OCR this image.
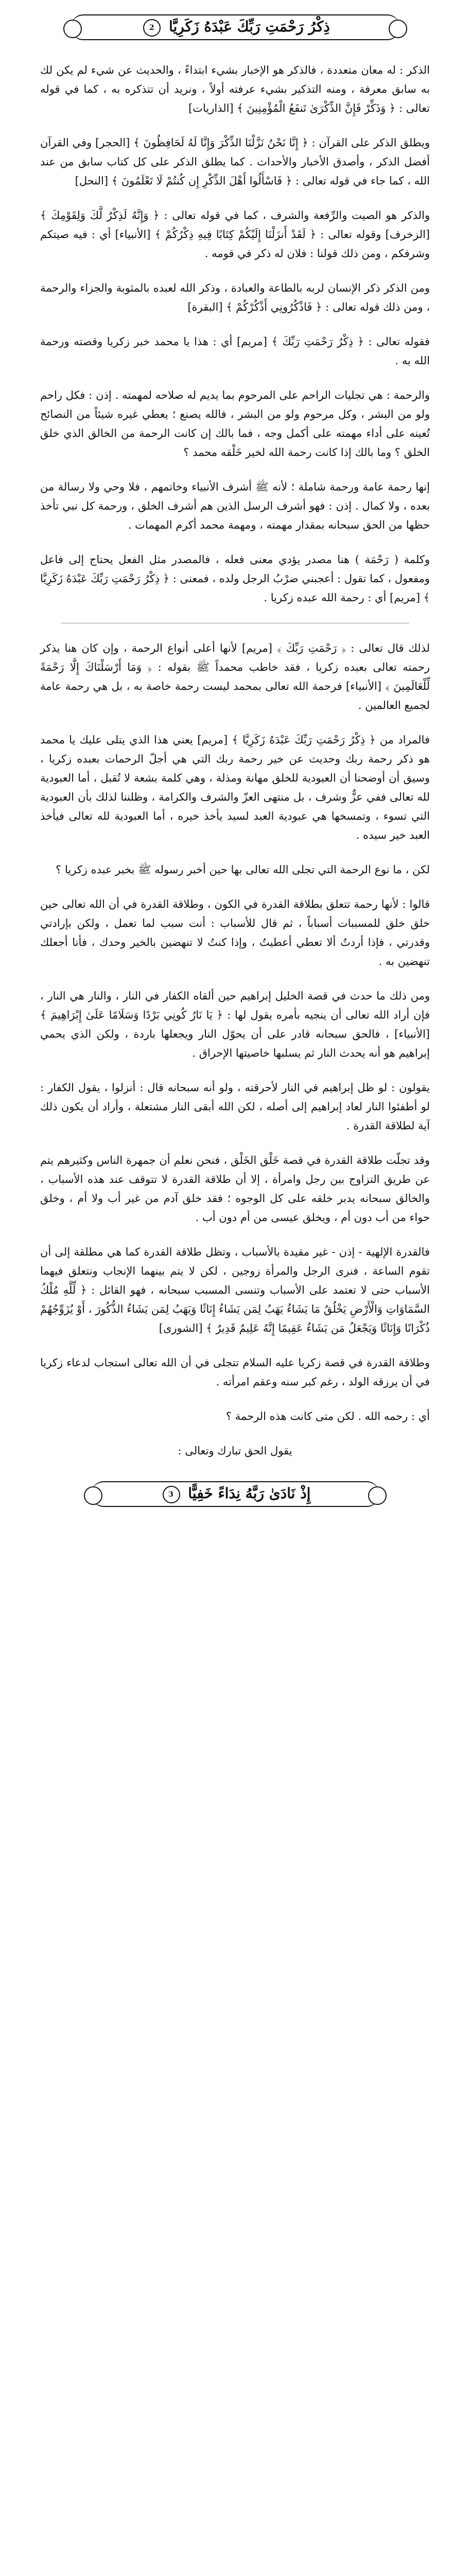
ذِكْرُ رَحْمَتِ رَبِّكَ عَبْدَهُ زَكَرِيَّا 2

الذكر : له معان متعددة ، فالذكر هو الإخبار بشيء ابتداءً ، والحديث عن شيء لم يكن لك به سابق معرفة ، ومنه التذكير بشيء عرفته أولاً ، ونريد أن تتذكره به ، كما في قوله تعالى : ﴿ وَذَكِّرْ فَإِنَّ الذِّكْرَىٰ تَنفَعُ الْمُؤْمِنِينَ ﴾ [الذاريات]

ويطلق الذكر على القرآن : ﴿ إِنَّا نَحْنُ نَزَّلْنَا الذِّكْرَ وَإِنَّا لَهُ لَحَافِظُونَ ﴾ [الحجر] وفي القرآن أفضل الذكر ، وأصدق الأخبار والأحداث . كما يطلق الذكر على كل كتاب سابق من عند الله ، كما جاء في قوله تعالى : ﴿ فَاسْأَلُوا أَهْلَ الذِّكْرِ إِن كُنتُمْ لَا تَعْلَمُونَ ﴾ [النحل]

والذكر هو الصيت والرِّفعة والشرف ، كما في قوله تعالى : ﴿ وَإِنَّهُ لَذِكْرٌ لَّكَ وَلِقَوْمِكَ ﴾ [الزخرف] وقوله تعالى : ﴿ لَقَدْ أَنزَلْنَا إِلَيْكُمْ كِتَابًا فِيهِ ذِكْرُكُمْ ﴾ [الأنبياء] أي : فيه صيتكم وشرفكم ، ومن ذلك قولنا : فلان له ذكر في قومه .

ومن الذكر ذكر الإنسان لربه بالطاعة والعبادة ، وذكر الله لعبده بالمثوبة والجزاء والرحمة ، ومن ذلك قوله تعالى : ﴿ فَاذْكُرُونِي أَذْكُرْكُمْ ﴾ [البقرة]

فقوله تعالى : ﴿ ذِكْرُ رَحْمَتِ رَبِّكَ ﴾ [مريم] أي : هذا يا محمد خبر زكريا وقصته ورحمة الله به .

والرحمة : هي تجليات الراحم على المرحوم بما يديم له صلاحه لمهمته . إذن : فكل راحم ولو من البشر ، وكل مرحوم ولو من البشر ، فالله يصنع ؛ يعطي غيره شيئاً من النصائح تُعينه على أداء مهمته على أكمل وجه ، فما بالك إن كانت الرحمة من الخالق الذي خلق الخلق ؟ وما بالك إذا كانت رحمة الله لخير خَلْقه محمد ؟

إنها رحمة عامة ورحمة شاملة ؛ لأنه ﷺ أشرف الأنبياء وخاتمهم ، فلا وحي ولا رسالة من بعده ، ولا كمال . إذن : فهو أشرف الرسل الذين هم أشرف الخلق ، ورحمة كل نبي تأخذ حظها من الحق سبحانه بمقدار مهمته ، ومهمة محمد أكرم المهمات .

وكلمة ( رَحْمَة ) هنا مصدر يؤدي معنى فعله ، فالمصدر مثل الفعل يحتاج إلى فاعل ومفعول ، كما تقول : أعجبني ضرْبُ الرجل ولده ، فمعنى : ﴿ ذِكْرُ رَحْمَتِ رَبِّكَ عَبْدَهُ زَكَرِيَّا ﴾ [مريم] أي : رحمة الله عبده زكريا .

لذلك قال تعالى : ﴿ رَحْمَتِ رَبِّكَ ﴾ [مريم] لأنها أعلى أنواع الرحمة ، وإن كان هنا يذكر رحمته تعالى بعبده زكريا ، فقد خاطب محمداً ﷺ بقوله : ﴿ وَمَا أَرْسَلْنَاكَ إِلَّا رَحْمَةً لِّلْعَالَمِينَ ﴾ [الأنبياء] فرحمة الله تعالى بمحمد ليست رحمة خاصة به ، بل هي رحمة عامة لجميع العالمين .

فالمراد من ﴿ ذِكْرُ رَحْمَتِ رَبِّكَ عَبْدَهُ زَكَرِيَّا ﴾ [مريم] يعني هذا الذي يتلى عليك يا محمد هو ذكر رحمة ربك وحديث عن خير رحمة ربك التي هي أجلّ الرحمات بعبده زكريا ، وسيق أن أوضحنا أن العبودية للخلق مهانة ومذلة ، وهي كلمة بشعة لا تُقبل ، أما العبودية لله تعالى ففي عزٌّ وشرف ، بل منتهى العزّ والشرف والكرامة ، وظلننا لذلك بأن العبودية التي تسوء ، وتمسخها هي عبودية العبد لسيد يأخذ خيره ، أما العبودية لله تعالى فيأخذ العبد خير سيده .

لكن ، ما نوع الرحمة التي تجلى الله تعالى بها حين أخبر رسوله ﷺ بخبر عبده زكريا ؟

قالوا : لأنها رحمة تتعلق بطلاقة القدرة في الكون ، وطلاقة القدرة في أن الله تعالى حين خلق خلق للمسببات أسباباً ، ثم قال للأسباب : أنت سبب لما تعمل ، ولكن بإرادتي وقدرتي ، فإذا أردتُ ألا تعطي أعطيتُ ، وإذا كنتُ لا تنهضين بالخير وحدك ، فأنا أجعلك تنهضين به .

ومن ذلك ما حدث في قصة الخليل إبراهيم حين ألقاه الكفار في النار ، والنار هي النار ، فإن أراد الله تعالى أن ينجيه بأمره يقول لها : ﴿ يَا نَارُ كُونِي بَرْدًا وَسَلَامًا عَلَىٰ إِبْرَاهِيمَ ﴾ [الأنبياء] ، فالحق سبحانه قادر على أن يحوّل النار ويجعلها باردة ، ولكن الذي يحمي إبراهيم هو أنه يحدث النار ثم يسلبها خاصيتها الإحراق .

يقولون : لو ظل إبراهيم في النار لأحرقته ، ولو أنه سبحانه قال : أنزلوا ، يقول الكفار : لو أطفئوا النار لعاد إبراهيم إلى أصله ، لكن الله أبقى النار مشتعلة ، وأراد أن يكون ذلك آية لطلاقة القدرة .

وقد تجلّت طلاقة القدرة في قصة خَلْق الخَلْق ، فنحن نعلم أن جمهرة الناس وكثيرهم يتم عن طريق التزاوج بين رجل وامرأة ، إلا أن طلاقة القدرة لا تتوقف عند هذه الأسباب ، والخالق سبحانه يدبر خلقه على كل الوجوه ؛ فقد خلق آدم من غير أب ولا أم ، وخلق حواء من أب دون أم ، ويخلق عيسى من أم دون أب .

فالقدرة الإلهية - إذن - غير مقيدة بالأسباب ، وتظل طلاقة القدرة كما هي مطلقة إلى أن تقوم الساعة ، فنرى الرجل والمرأة زوجين ، لكن لا يتم بينهما الإنجاب ونتعلق فيهما الأسباب حتى لا تعتمد على الأسباب وتنسى المسبب سبحانه ، فهو القائل : ﴿ لِّلَّهِ مُلْكُ السَّمَاوَاتِ وَالْأَرْضِ يَخْلُقُ مَا يَشَاءُ يَهَبُ لِمَن يَشَاءُ إِنَاثًا وَيَهَبُ لِمَن يَشَاءُ الذُّكُورَ ، أَوْ يُزَوِّجُهُمْ ذُكْرَانًا وَإِنَاثًا وَيَجْعَلُ مَن يَشَاءُ عَقِيمًا إِنَّهُ عَلِيمٌ قَدِيرٌ ﴾ [الشورى]

وطلاقة القدرة في قصة زكريا عليه السلام تتجلى في أن الله تعالى استجاب لدعاء زكريا في أن يرزقه الولد ، رغم كبر سنه وعقم امرأته .

أي : رحمه الله . لكن متى كانت هذه الرحمة ؟

يقول الحق تبارك وتعالى :

إِذْ نَادَىٰ رَبَّهُ نِدَاءً خَفِيًّا 3
